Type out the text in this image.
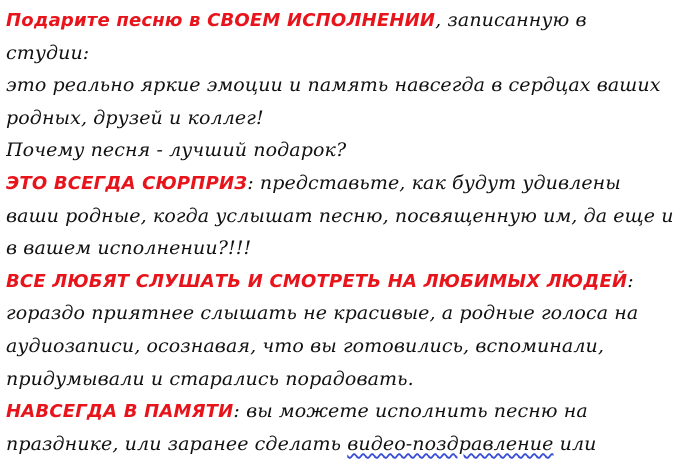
Подарите песню в СВОЕМ ИСПОЛНЕНИИ, записанную в
студии:
это реально яркие эмоции и память навсегда в сердцах ваших
родных, друзей и коллег!
Почему песня - лучший подарок?
ЭТО ВСЕГДА СЮРПРИЗ: представьте, как будут удивлены
ваши родные, когда услышат песню, посвященную им, да еще и
в вашем исполнении?!!!
ВСЕ ЛЮБЯТ СЛУШАТЬ И СМОТРЕТЬ НА ЛЮБИМЫХ ЛЮДЕЙ:
гораздо приятнее слышать не красивые, а родные голоса на
аудиозаписи, осознавая, что вы готовились, вспоминали,
придумывали и старались порадовать.
НАВСЕГДА В ПАМЯТИ: вы можете исполнить песню на
празднике, или заранее сделать видео-поздравление или
